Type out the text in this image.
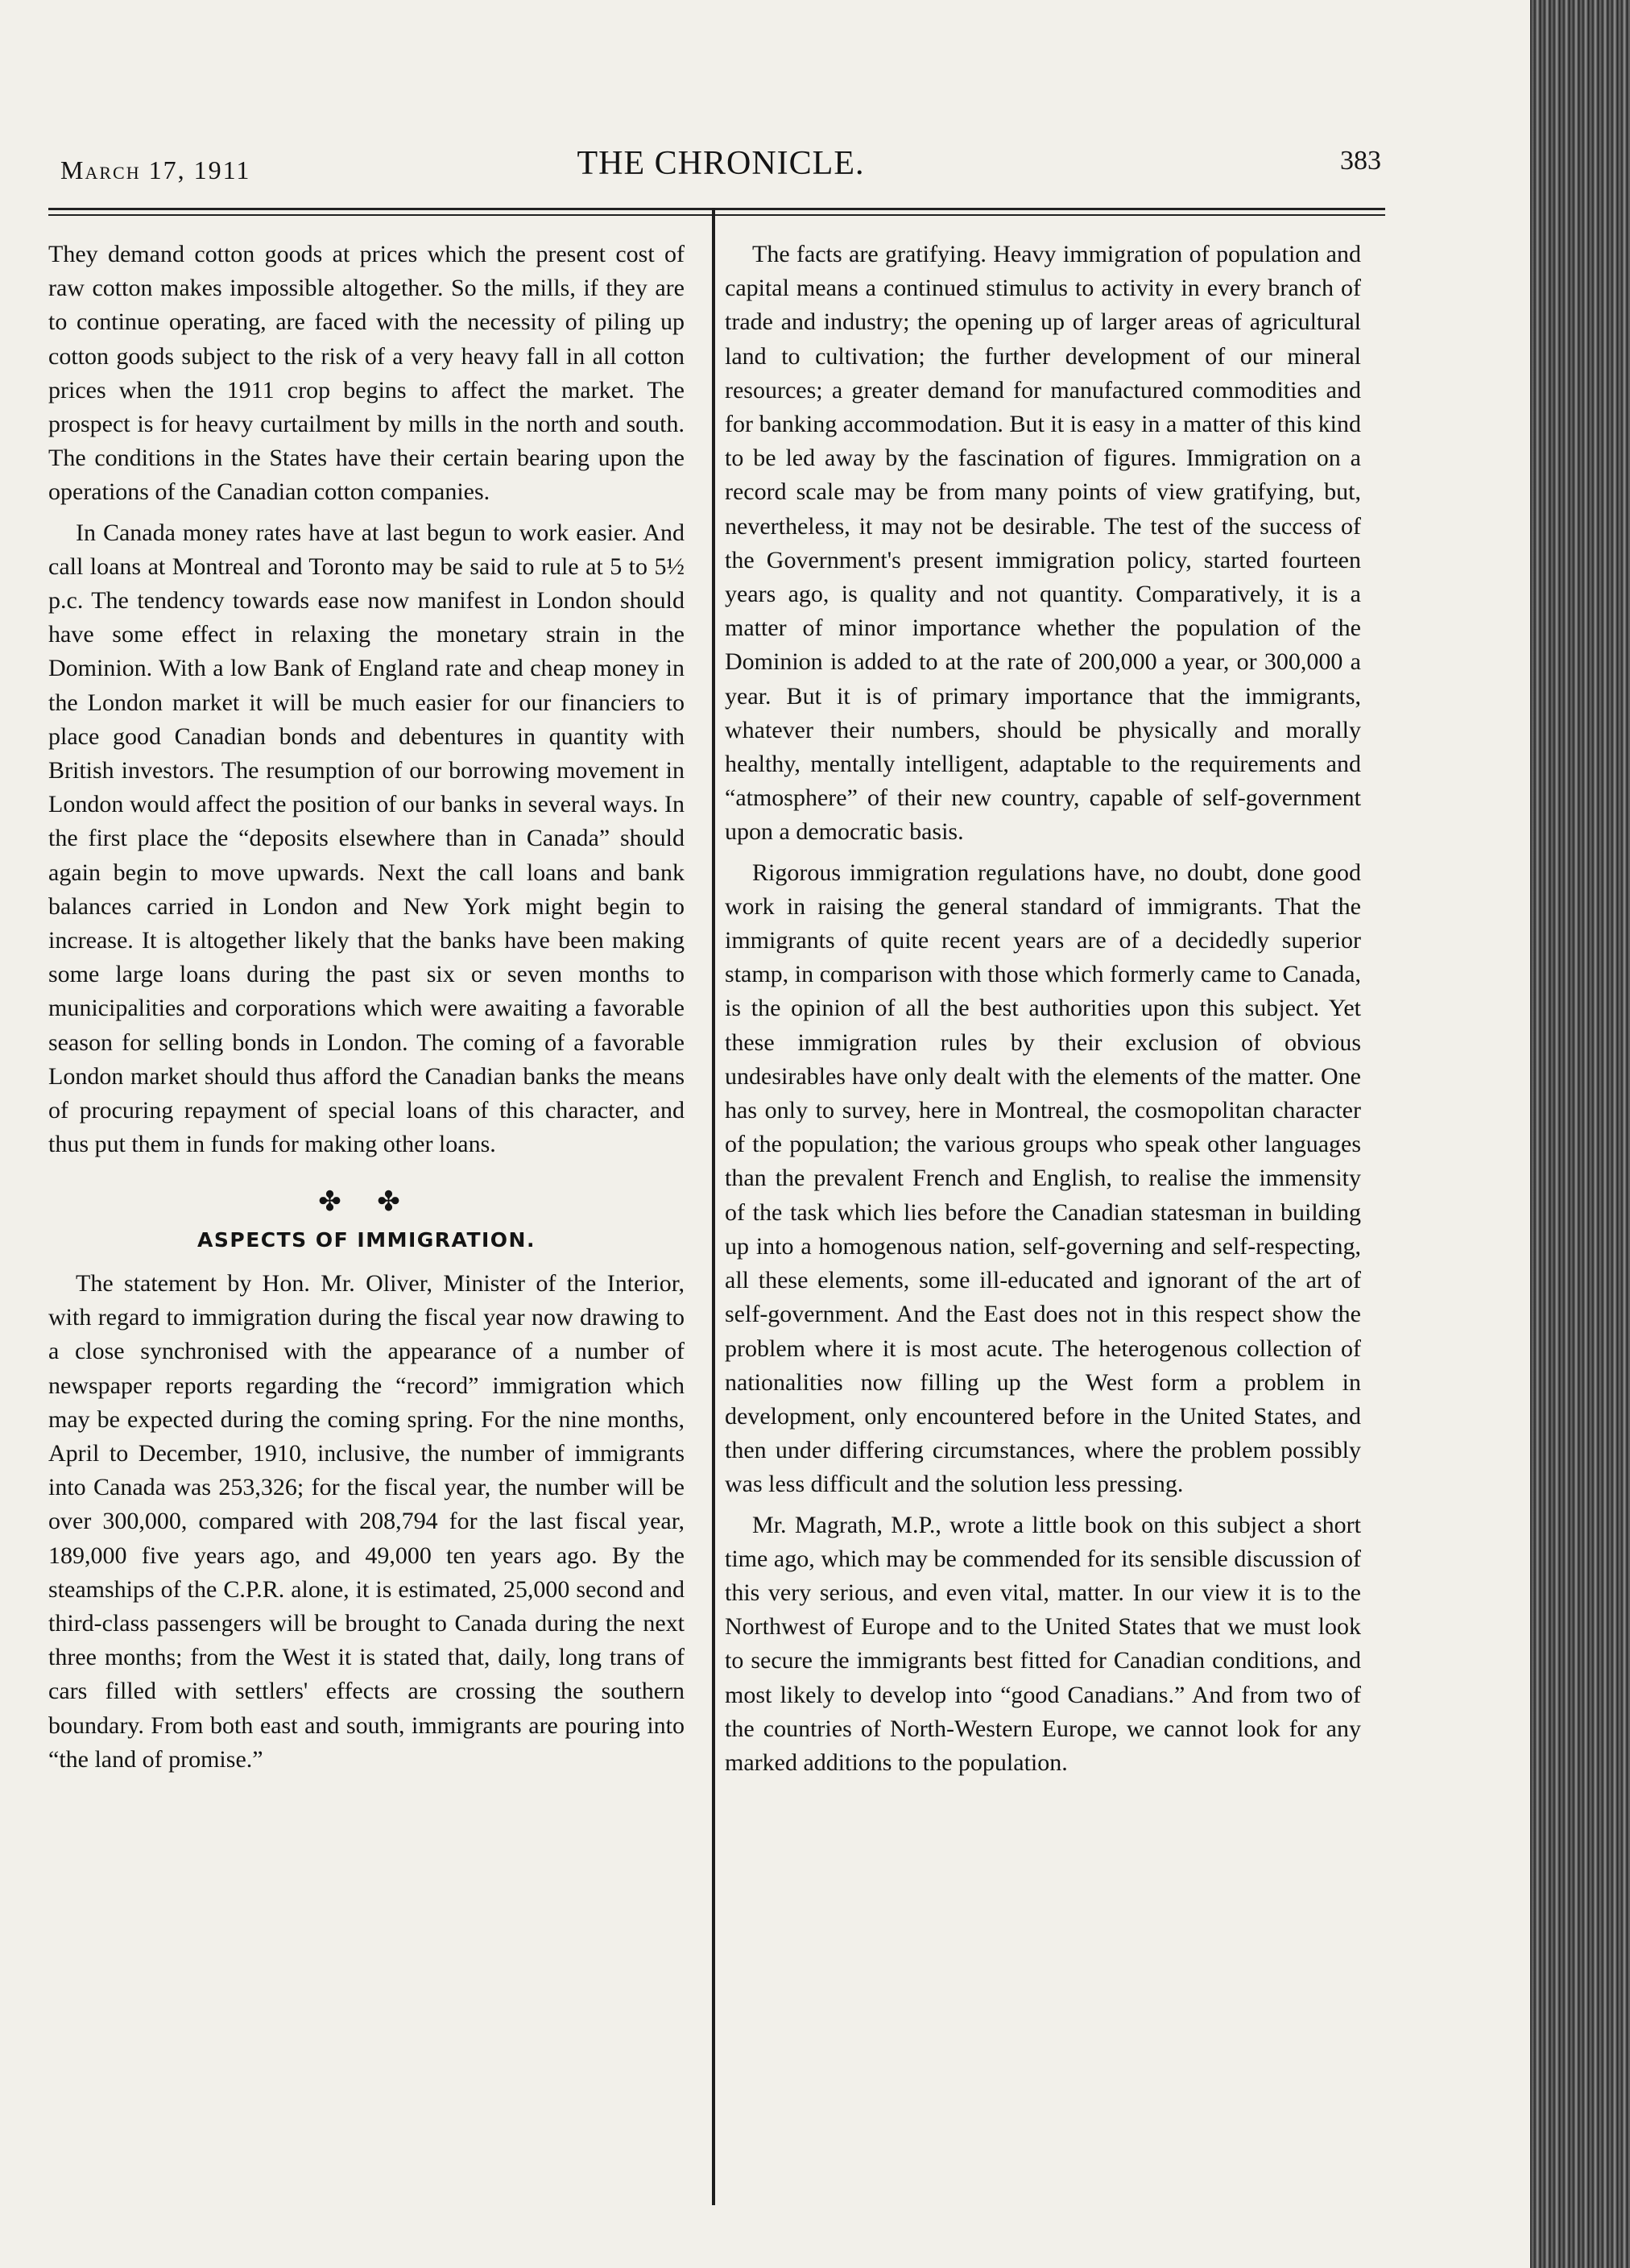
March 17, 1911	THE CHRONICLE.	383

They demand cotton goods at prices which the present cost of raw cotton makes impossible altogether. So the mills, if they are to continue operating, are faced with the necessity of piling up cotton goods subject to the risk of a very heavy fall in all cotton prices when the 1911 crop begins to affect the market. The prospect is for heavy curtailment by mills in the north and south. The conditions in the States have their certain bearing upon the operations of the Canadian cotton companies.

In Canada money rates have at last begun to work easier. And call loans at Montreal and Toronto may be said to rule at 5 to 5½ p.c. The tendency towards ease now manifest in London should have some effect in relaxing the monetary strain in the Dominion. With a low Bank of England rate and cheap money in the London market it will be much easier for our financiers to place good Canadian bonds and debentures in quantity with British investors. The resumption of our borrowing movement in London would affect the position of our banks in several ways. In the first place the “deposits elsewhere than in Canada” should again begin to move upwards. Next the call loans and bank balances carried in London and New York might begin to increase. It is altogether likely that the banks have been making some large loans during the past six or seven months to municipalities and corporations which were awaiting a favorable season for selling bonds in London. The coming of a favorable London market should thus afford the Canadian banks the means of procuring repayment of special loans of this character, and thus put them in funds for making other loans.

✤ ✤
ASPECTS OF IMMIGRATION.

The statement by Hon. Mr. Oliver, Minister of the Interior, with regard to immigration during the fiscal year now drawing to a close synchronised with the appearance of a number of newspaper reports regarding the “record” immigration which may be expected during the coming spring. For the nine months, April to December, 1910, inclusive, the number of immigrants into Canada was 253,326; for the fiscal year, the number will be over 300,000, compared with 208,794 for the last fiscal year, 189,000 five years ago, and 49,000 ten years ago. By the steamships of the C.P.R. alone, it is estimated, 25,000 second and third-class passengers will be brought to Canada during the next three months; from the West it is stated that, daily, long trans of cars filled with settlers' effects are crossing the southern boundary. From both east and south, immigrants are pouring into “the land of promise.”

The facts are gratifying. Heavy immigration of population and capital means a continued stimulus to activity in every branch of trade and industry; the opening up of larger areas of agricultural land to cultivation; the further development of our mineral resources; a greater demand for manufactured commodities and for banking accommodation. But it is easy in a matter of this kind to be led away by the fascination of figures. Immigration on a record scale may be from many points of view gratifying, but, nevertheless, it may not be desirable. The test of the success of the Government's present immigration policy, started fourteen years ago, is quality and not quantity. Comparatively, it is a matter of minor importance whether the population of the Dominion is added to at the rate of 200,000 a year, or 300,000 a year. But it is of primary importance that the immigrants, whatever their numbers, should be physically and morally healthy, mentally intelligent, adaptable to the requirements and “atmosphere” of their new country, capable of self-government upon a democratic basis.

Rigorous immigration regulations have, no doubt, done good work in raising the general standard of immigrants. That the immigrants of quite recent years are of a decidedly superior stamp, in comparison with those which formerly came to Canada, is the opinion of all the best authorities upon this subject. Yet these immigration rules by their exclusion of obvious undesirables have only dealt with the elements of the matter. One has only to survey, here in Montreal, the cosmopolitan character of the population; the various groups who speak other languages than the prevalent French and English, to realise the immensity of the task which lies before the Canadian statesman in building up into a homogenous nation, self-governing and self-respecting, all these elements, some ill-educated and ignorant of the art of self-government. And the East does not in this respect show the problem where it is most acute. The heterogenous collection of nationalities now filling up the West form a problem in development, only encountered before in the United States, and then under differing circumstances, where the problem possibly was less difficult and the solution less pressing.

Mr. Magrath, M.P., wrote a little book on this subject a short time ago, which may be commended for its sensible discussion of this very serious, and even vital, matter. In our view it is to the Northwest of Europe and to the United States that we must look to secure the immigrants best fitted for Canadian conditions, and most likely to develop into “good Canadians.” And from two of the countries of North-Western Europe, we cannot look for any marked additions to the population.
